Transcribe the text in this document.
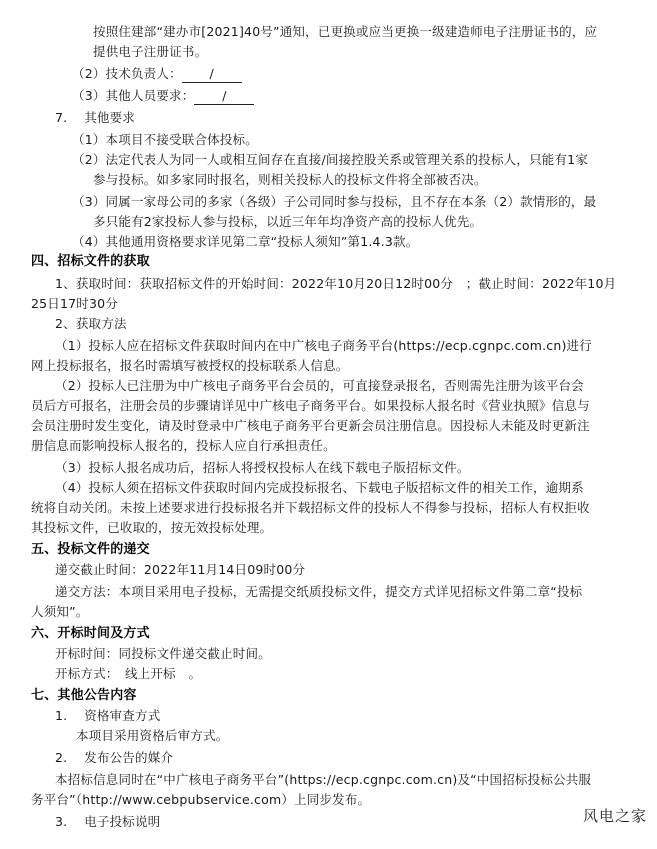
按照住建部“建办市[2021]40号”通知，已更换或应当更换一级建造师电子注册证书的，应
提供电子注册证书。
（2）技术负责人： /
（3）其他人员要求： /
7.　 其他要求
（1）本项目不接受联合体投标。
（2）法定代表人为同一人或相互间存在直接/间接控股关系或管理关系的投标人，只能有1家
参与投标。如多家同时报名，则相关投标人的投标文件将全部被否决。
（3）同属一家母公司的多家（各级）子公司同时参与投标，且不存在本条（2）款情形的，最
多只能有2家投标人参与投标，以近三年年均净资产高的投标人优先。
（4）其他通用资格要求详见第二章“投标人须知”第1.4.3款。
四、招标文件的获取
1、获取时间：获取招标文件的开始时间：2022年10月20日12时00分　；截止时间：2022年10月
25日17时30分
2、获取方法
（1）投标人应在招标文件获取时间内在中广核电子商务平台(https://ecp.cgnpc.com.cn)进行
网上投标报名，报名时需填写被授权的投标联系人信息。
（2）投标人已注册为中广核电子商务平台会员的，可直接登录报名，否则需先注册为该平台会
员后方可报名，注册会员的步骤请详见中广核电子商务平台。如果投标人报名时《营业执照》信息与
会员注册时发生变化，请及时登录中广核电子商务平台更新会员注册信息。因投标人未能及时更新注
册信息而影响投标人报名的，投标人应自行承担责任。
（3）投标人报名成功后，招标人将授权投标人在线下载电子版招标文件。
（4）投标人须在招标文件获取时间内完成投标报名、下载电子版招标文件的相关工作，逾期系
统将自动关闭。未按上述要求进行投标报名并下载招标文件的投标人不得参与投标，招标人有权拒收
其投标文件，已收取的，按无效投标处理。
五、投标文件的递交
递交截止时间：2022年11月14日09时00分
递交方法：本项目采用电子投标，无需提交纸质投标文件，提交方式详见招标文件第二章“投标
人须知”。
六、开标时间及方式
开标时间：同投标文件递交截止时间。
开标方式：　线上开标　。
七、其他公告内容
1.　 资格审查方式
本项目采用资格后审方式。
2.　 发布公告的媒介
本招标信息同时在“中广核电子商务平台”(https://ecp.cgnpc.com.cn)及“中国招标投标公共服
务平台”（http://www.cebpubservice.com）上同步发布。
3.　 电子投标说明	风电之家
